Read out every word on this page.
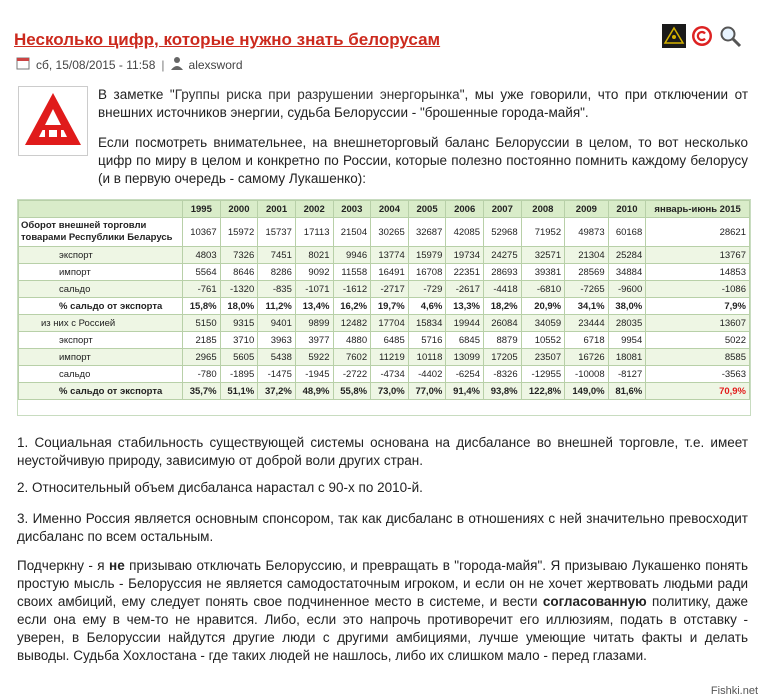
Несколько цифр, которые нужно знать белорусам
сб, 15/08/2015 - 11:58 | alexsword
В заметке "Группы риска при разрушении энергорынка", мы уже говорили, что при отключении от внешних источников энергии, судьба Белоруссии - "брошенные города-майя".
Если посмотреть внимательнее, на внешнеторговый баланс Белоруссии в целом, то вот несколько цифр по миру в целом и конкретно по России, которые полезно постоянно помнить каждому белорусу (и в первую очередь - самому Лукашенко):
	1995	2000	2001	2002	2003	2004	2005	2006	2007	2008	2009	2010	январь-июнь 2015
Оборот внешней торговли товарами Республики Беларусь	10367	15972	15737	17113	21504	30265	32687	42085	52968	71952	49873	60168	28621
экспорт	4803	7326	7451	8021	9946	13774	15979	19734	24275	32571	21304	25284	13767
импорт	5564	8646	8286	9092	11558	16491	16708	22351	28693	39381	28569	34884	14853
сальдо	-761	-1320	-835	-1071	-1612	-2717	-729	-2617	-4418	-6810	-7265	-9600	-1086
% сальдо от экспорта	15,8%	18,0%	11,2%	13,4%	16,2%	19,7%	4,6%	13,3%	18,2%	20,9%	34,1%	38,0%	7,9%
из них с Россией	5150	9315	9401	9899	12482	17704	15834	19944	26084	34059	23444	28035	13607
экспорт	2185	3710	3963	3977	4880	6485	5716	6845	8879	10552	6718	9954	5022
импорт	2965	5605	5438	5922	7602	11219	10118	13099	17205	23507	16726	18081	8585
сальдо	-780	-1895	-1475	-1945	-2722	-4734	-4402	-6254	-8326	-12955	-10008	-8127	-3563
% сальдо от экспорта	35,7%	51,1%	37,2%	48,9%	55,8%	73,0%	77,0%	91,4%	93,8%	122,8%	149,0%	81,6%	70,9%
1. Социальная стабильность существующей системы основана на дисбалансе во внешней торговле, т.е. имеет неустойчивую природу, зависимую от доброй воли других стран.
2. Относительный объем дисбаланса нарастал с 90-х по 2010-й.
3. Именно Россия является основным спонсором, так как дисбаланс в отношениях с ней значительно превосходит дисбаланс по всем остальным.
Подчеркну - я не призываю отключать Белоруссию, и превращать в "города-майя". Я призываю Лукашенко понять простую мысль - Белоруссия не является самодостаточным игроком, и если он не хочет жертвовать людьми ради своих амбиций, ему следует понять свое подчиненное место в системе, и вести согласованную политику, даже если она ему в чем-то не нравится. Либо, если это напрочь противоречит его иллюзиям, подать в отставку - уверен, в Белоруссии найдутся другие люди с другими амбициями, лучше умеющие читать факты и делать выводы. Судьба Хохлостана - где таких людей не нашлось, либо их слишком мало - перед глазами.
Fishki.net
